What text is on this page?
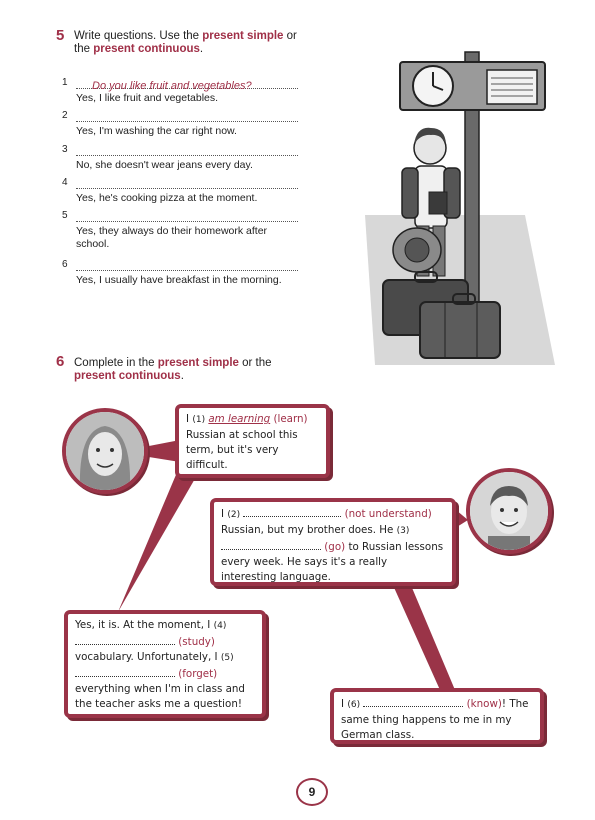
5 Write questions. Use the present simple or the present continuous.
1	Do you like fruit and vegetables?
Yes, I like fruit and vegetables.
2
Yes, I'm washing the car right now.
3
No, she doesn't wear jeans every day.
4
Yes, he's cooking pizza at the moment.
5
Yes, they always do their homework after school.
6
Yes, I usually have breakfast in the morning.
6 Complete in the present simple or the present continuous.
I (1) am learning (learn) Russian at school this term, but it's very difficult.
I (2)	(not understand) Russian, but my brother does. He (3)  (go) to Russian lessons every week. He says it's a really interesting language.
Yes, it is. At the moment, I (4)  (study) vocabulary. Unfortunately, I (5)  (forget) everything when I'm in class and the teacher asks me a question!	I (6)	(know)! The same thing happens to me in my German class.
9
